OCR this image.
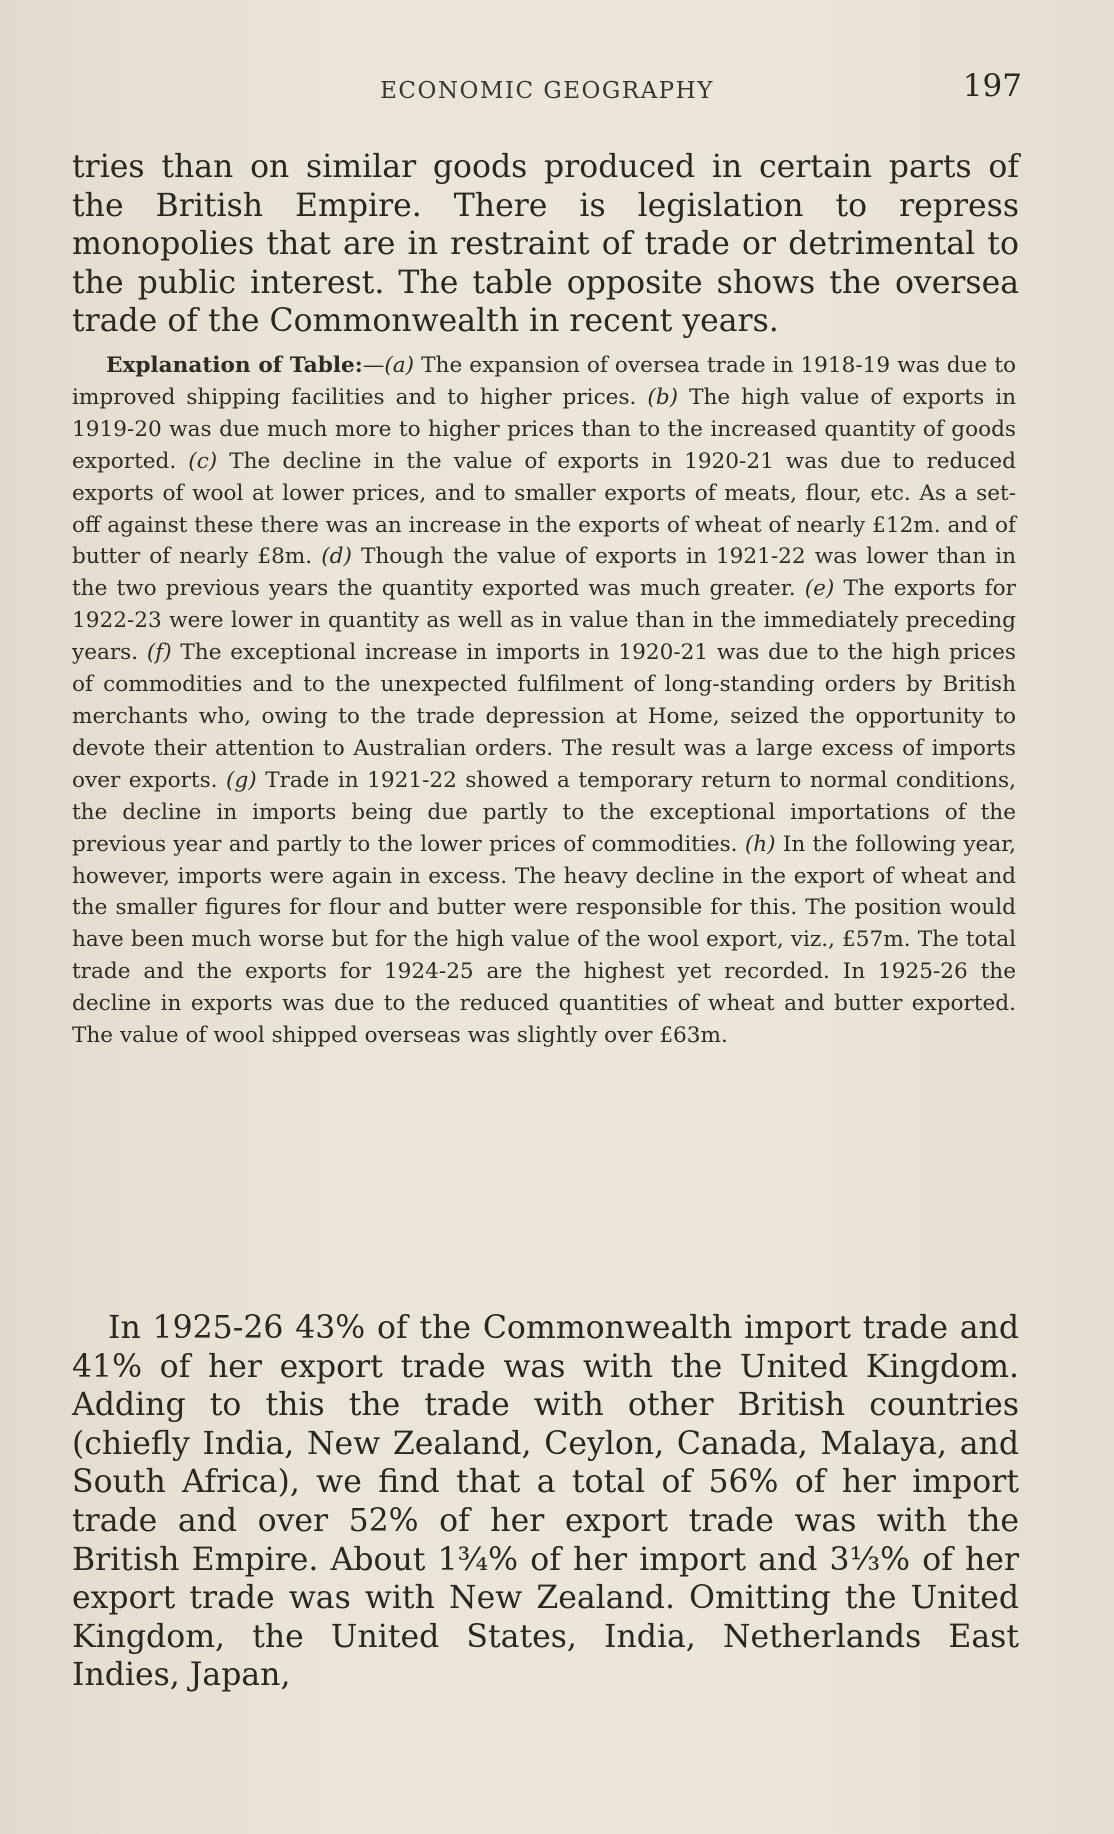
ECONOMIC GEOGRAPHY	197

tries than on similar goods produced in certain parts of the British Empire. There is legislation to repress monopolies that are in restraint of trade or detrimental to the public interest. The table opposite shows the oversea trade of the Commonwealth in recent years.

Explanation of Table:—(a) The expansion of oversea trade in 1918-19 was due to improved shipping facilities and to higher prices. (b) The high value of exports in 1919-20 was due much more to higher prices than to the increased quantity of goods exported. (c) The decline in the value of exports in 1920-21 was due to reduced exports of wool at lower prices, and to smaller exports of meats, flour, etc. As a set-off against these there was an increase in the exports of wheat of nearly £12m. and of butter of nearly £8m. (d) Though the value of exports in 1921-22 was lower than in the two previous years the quantity exported was much greater. (e) The exports for 1922-23 were lower in quantity as well as in value than in the immediately preceding years. (f) The exceptional increase in imports in 1920-21 was due to the high prices of commodities and to the unexpected fulfilment of long-standing orders by British merchants who, owing to the trade depression at Home, seized the opportunity to devote their attention to Australian orders. The result was a large excess of imports over exports. (g) Trade in 1921-22 showed a temporary return to normal conditions, the decline in imports being due partly to the exceptional importations of the previous year and partly to the lower prices of commodities. (h) In the following year, however, imports were again in excess. The heavy decline in the export of wheat and the smaller figures for flour and butter were responsible for this. The position would have been much worse but for the high value of the wool export, viz., £57m. The total trade and the exports for 1924-25 are the highest yet recorded. In 1925-26 the decline in exports was due to the reduced quantities of wheat and butter exported. The value of wool shipped overseas was slightly over £63m.

In 1925-26 43% of the Commonwealth import trade and 41% of her export trade was with the United Kingdom. Adding to this the trade with other British countries (chiefly India, New Zealand, Ceylon, Canada, Malaya, and South Africa), we find that a total of 56% of her import trade and over 52% of her export trade was with the British Empire. About 1¾% of her import and 3⅓% of her export trade was with New Zealand. Omitting the United Kingdom, the United States, India, Netherlands East Indies, Japan,
